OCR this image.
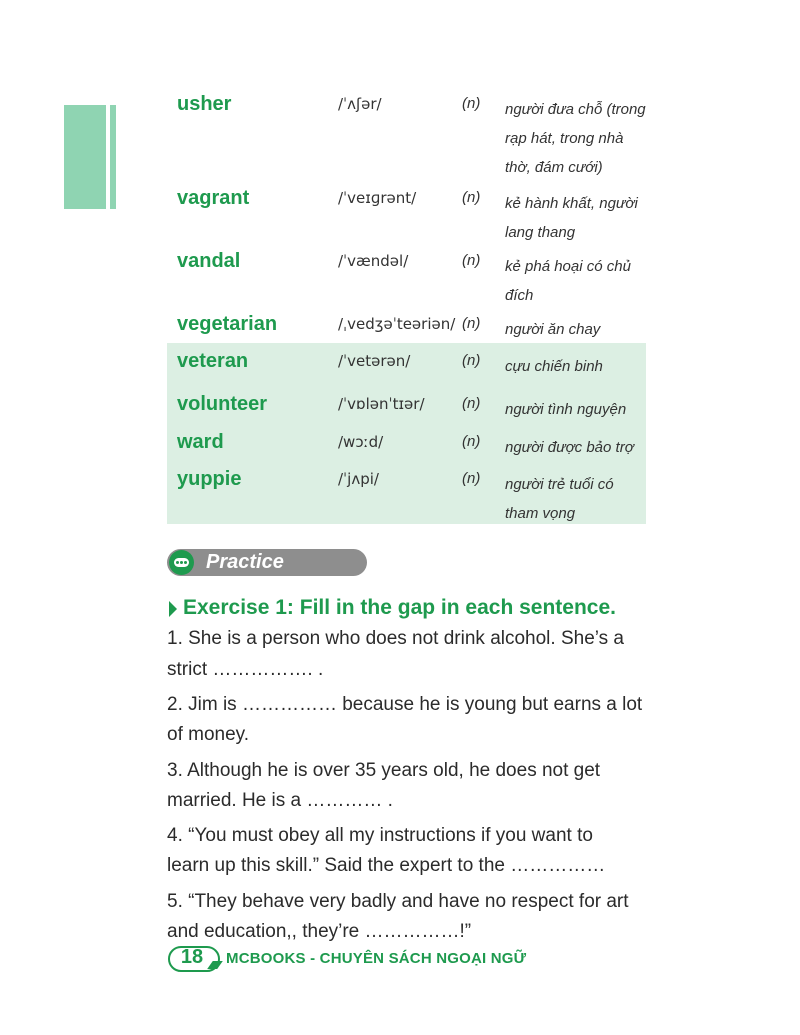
usher	/ˈʌʃər/	(n) người đưa chỗ (trong
rạp hát, trong nhà
thờ, đám cưới)
vagrant	/ˈveɪɡrənt/	(n) kẻ hành khất, người
lang thang
vandal	/ˈvændəl/	(n) kẻ phá hoại có chủ
đích
vegetarian	/ˌvedʒəˈteəriən/ (n) người ăn chay
veteran	/ˈvetərən/	(n) cựu chiến binh
volunteer	/ˈvɒlənˈtɪər/ (n) người tình nguyện
ward	/wɔːd/	(n) người được bảo trợ
yuppie	/ˈjʌpi/	(n) người trẻ tuổi có
tham vọng
Practice
Exercise 1: Fill in the gap in each sentence.
1. She is a person who does not drink alcohol. She’s a
strict ……………. .
2. Jim is …………… because he is young but earns a lot
of money.
3. Although he is over 35 years old, he does not get
married. He is a ………… .
4. “You must obey all my instructions if you want to
learn up this skill.” Said the expert to the ……………
5. “They behave very badly and have no respect for art
and education,, they’re ……………!”
18	MCBOOKS - CHUYÊN SÁCH NGOẠI NGỮ
